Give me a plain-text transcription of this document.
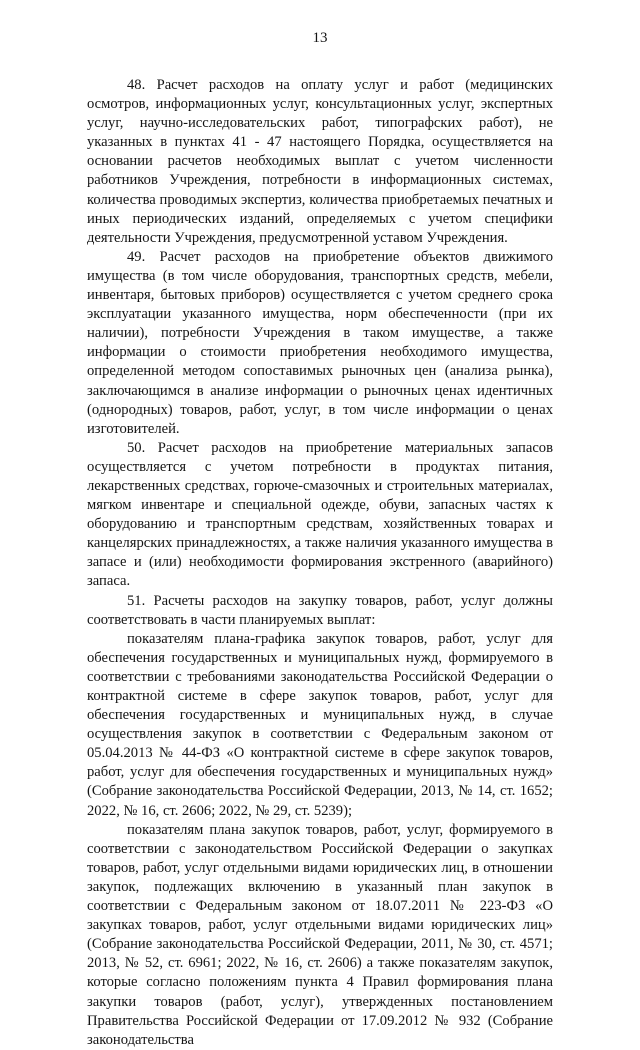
13

48. Расчет расходов на оплату услуг и работ (медицинских осмотров, информационных услуг, консультационных услуг, экспертных услуг, научно-исследовательских работ, типографских работ), не указанных в пунктах 41 - 47 настоящего Порядка, осуществляется на основании расчетов необходимых выплат с учетом численности работников Учреждения, потребности в информационных системах, количества проводимых экспертиз, количества приобретаемых печатных и иных периодических изданий, определяемых с учетом специфики деятельности Учреждения, предусмотренной уставом Учреждения.

49. Расчет расходов на приобретение объектов движимого имущества (в том числе оборудования, транспортных средств, мебели, инвентаря, бытовых приборов) осуществляется с учетом среднего срока эксплуатации указанного имущества, норм обеспеченности (при их наличии), потребности Учреждения в таком имуществе, а также информации о стоимости приобретения необходимого имущества, определенной методом сопоставимых рыночных цен (анализа рынка), заключающимся в анализе информации о рыночных ценах идентичных (однородных) товаров, работ, услуг, в том числе информации о ценах изготовителей.

50. Расчет расходов на приобретение материальных запасов осуществляется с учетом потребности в продуктах питания, лекарственных средствах, горюче-смазочных и строительных материалах, мягком инвентаре и специальной одежде, обуви, запасных частях к оборудованию и транспортным средствам, хозяйственных товарах и канцелярских принадлежностях, а также наличия указанного имущества в запасе и (или) необходимости формирования экстренного (аварийного) запаса.

51. Расчеты расходов на закупку товаров, работ, услуг должны соответствовать в части планируемых выплат:

показателям плана-графика закупок товаров, работ, услуг для обеспечения государственных и муниципальных нужд, формируемого в соответствии с требованиями законодательства Российской Федерации о контрактной системе в сфере закупок товаров, работ, услуг для обеспечения государственных и муниципальных нужд, в случае осуществления закупок в соответствии с Федеральным законом от 05.04.2013 № 44-ФЗ «О контрактной системе в сфере закупок товаров, работ, услуг для обеспечения государственных и муниципальных нужд» (Собрание законодательства Российской Федерации, 2013, № 14, ст. 1652; 2022, № 16, ст. 2606; 2022, № 29, ст. 5239);

показателям плана закупок товаров, работ, услуг, формируемого в соответствии с законодательством Российской Федерации о закупках товаров, работ, услуг отдельными видами юридических лиц, в отношении закупок, подлежащих включению в указанный план закупок в соответствии с Федеральным законом от 18.07.2011 № 223-ФЗ «О закупках товаров, работ, услуг отдельными видами юридических лиц» (Собрание законодательства Российской Федерации, 2011, № 30, ст. 4571; 2013, № 52, ст. 6961; 2022, № 16, ст. 2606) а также показателям закупок, которые согласно положениям пункта 4 Правил формирования плана закупки товаров (работ, услуг), утвержденных постановлением Правительства Российской Федерации от 17.09.2012 № 932 (Собрание законодательства
